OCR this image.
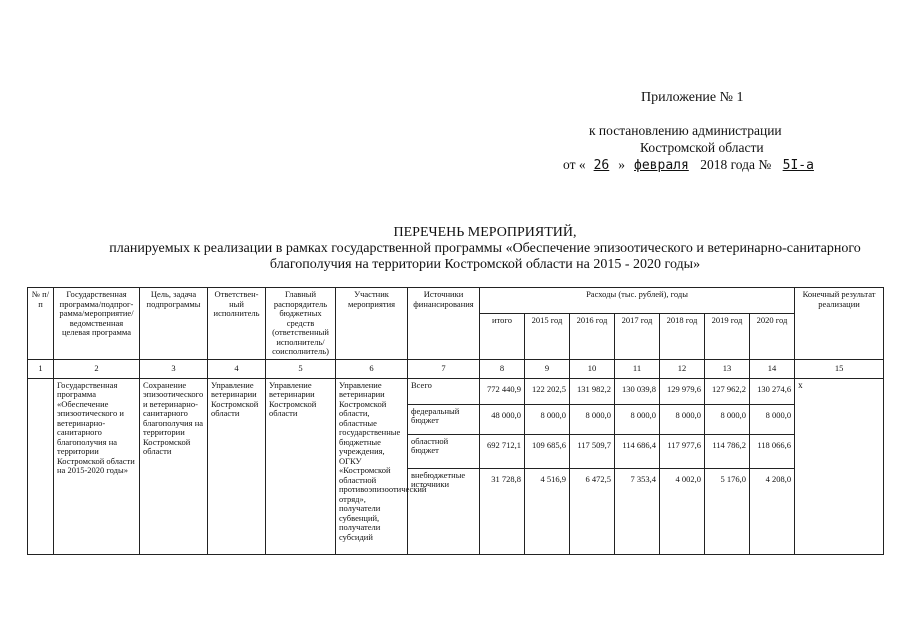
Приложение № 1
к постановлению администрации
Костромской области
от « 26 » февраля 2018 года № 5I-а
ПЕРЕЧЕНЬ МЕРОПРИЯТИЙ,
планируемых к реализации в рамках государственной программы «Обеспечение эпизоотического и ветеринарно-санитарного благополучия на территории Костромской области на 2015 - 2020 годы»
№ п/п	Государственная программа/подпрог-рамма/мероприятие/ ведомственная целевая программа	Цель, задача подпрограммы	Ответствен-ный исполнитель	Главный распорядитель бюджетных средств (ответственный исполнитель/ соисполнитель)	Участник мероприятия	Источники финансирования	Расходы (тыс. рублей), годы							Конечный результат реализации
							итого	2015 год	2016 год	2017 год	2018 год	2019 год	2020 год	
1	2	3	4	5	6	7	8	9	10	11	12	13	14	15
	Государственная программа «Обеспечение эпизоотического и ветеринарно-санитарного благополучия на территории Костромской области на 2015-2020 годы»	Сохранение эпизоотического и ветеринарно-санитарного благополучия на территории Костромской области	Управление ветеринарии Костромской области	Управление ветеринарии Костромской области	Управление ветеринарии Костромской области, областные государственные бюджетные учреждения, ОГКУ «Костромской областной противоэпизоотический отряд», получатели субвенций, получатели субсидий	Всего	772 440,9	122 202,5	131 982,2	130 039,8	129 979,6	127 962,2	130 274,6	x
						федеральный бюджет	48 000,0	8 000,0	8 000,0	8 000,0	8 000,0	8 000,0	8 000,0	
						областной бюджет	692 712,1	109 685,6	117 509,7	114 686,4	117 977,6	114 786,2	118 066,6	
						внебюджетные источники	31 728,8	4 516,9	6 472,5	7 353,4	4 002,0	5 176,0	4 208,0	
